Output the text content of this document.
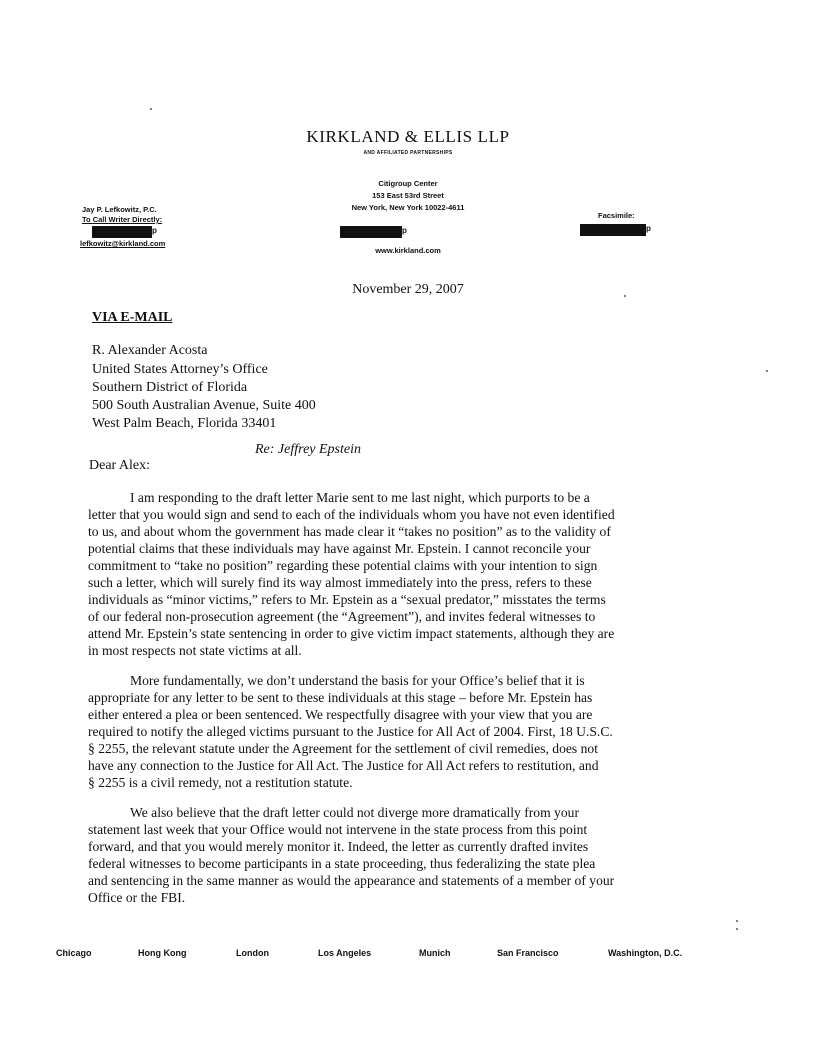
KIRKLAND & ELLIS LLP
AND AFFILIATED PARTNERSHIPS
Citigroup Center
153 East 53rd Street
New York, New York 10022-4611
p
www.kirkland.com
Jay P. Lefkowitz, P.C.
To Call Writer Directly:
p
lefkowitz@kirkland.com
Facsimile:
p
November 29, 2007
VIA E-MAIL
R. Alexander Acosta
United States Attorney’s Office
Southern District of Florida
500 South Australian Avenue, Suite 400
West Palm Beach, Florida 33401
Re: Jeffrey Epstein
Dear Alex:
I am responding to the draft letter Marie sent to me last night, which purports to be a
letter that you would sign and send to each of the individuals whom you have not even identified
to us, and about whom the government has made clear it “takes no position” as to the validity of
potential claims that these individuals may have against Mr. Epstein. I cannot reconcile your
commitment to “take no position” regarding these potential claims with your intention to sign
such a letter, which will surely find its way almost immediately into the press, refers to these
individuals as “minor victims,” refers to Mr. Epstein as a “sexual predator,” misstates the terms
of our federal non-prosecution agreement (the “Agreement”), and invites federal witnesses to
attend Mr. Epstein’s state sentencing in order to give victim impact statements, although they are
in most respects not state victims at all.
More fundamentally, we don’t understand the basis for your Office’s belief that it is
appropriate for any letter to be sent to these individuals at this stage – before Mr. Epstein has
either entered a plea or been sentenced. We respectfully disagree with your view that you are
required to notify the alleged victims pursuant to the Justice for All Act of 2004. First, 18 U.S.C.
§ 2255, the relevant statute under the Agreement for the settlement of civil remedies, does not
have any connection to the Justice for All Act. The Justice for All Act refers to restitution, and
§ 2255 is a civil remedy, not a restitution statute.
We also believe that the draft letter could not diverge more dramatically from your
statement last week that your Office would not intervene in the state process from this point
forward, and that you would merely monitor it. Indeed, the letter as currently drafted invites
federal witnesses to become participants in a state proceeding, thus federalizing the state plea
and sentencing in the same manner as would the appearance and statements of a member of your
Office or the FBI.
Chicago	Hong Kong	London	Los Angeles	Munich	San Francisco	Washington, D.C.
